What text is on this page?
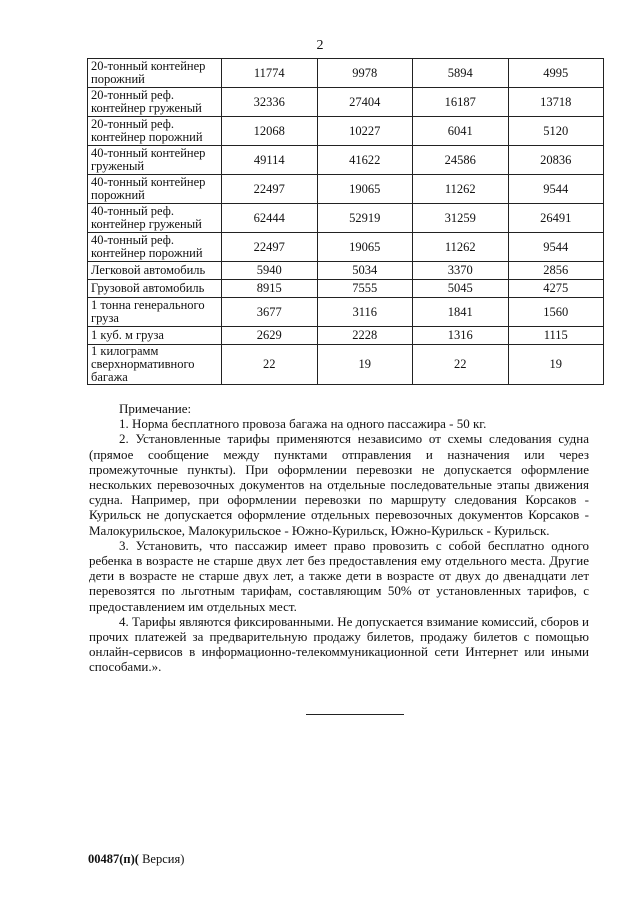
2
20-тонный контейнер порожний	11774	9978	5894	4995
20-тонный реф. контейнер груженый	32336	27404	16187	13718
20-тонный реф. контейнер порожний	12068	10227	6041	5120
40-тонный контейнер груженый	49114	41622	24586	20836
40-тонный контейнер порожний	22497	19065	11262	9544
40-тонный реф. контейнер груженый	62444	52919	31259	26491
40-тонный реф. контейнер порожний	22497	19065	11262	9544
Легковой автомобиль	5940	5034	3370	2856
Грузовой автомобиль	8915	7555	5045	4275
1 тонна генерального груза	3677	3116	1841	1560
1 куб. м груза	2629	2228	1316	1115
1 килограмм сверхнормативного багажа	22	19	22	19
Примечание:

1. Норма бесплатного провоза багажа на одного пассажира - 50 кг.

2. Установленные тарифы применяются независимо от схемы следования судна (прямое сообщение между пунктами отправления и назначения или через промежуточные пункты). При оформлении перевозки не допускается оформление нескольких перевозочных документов на отдельные последовательные этапы движения судна. Например, при оформлении перевозки по маршруту следования Корсаков - Курильск не допускается оформление отдельных перевозочных документов Корсаков - Малокурильское, Малокурильское - Южно-Курильск, Южно-Курильск - Курильск.

3. Установить, что пассажир имеет право провозить с собой бесплатно одного ребенка в возрасте не старше двух лет без предоставления ему отдельного места. Другие дети в возрасте не старше двух лет, а также дети в возрасте от двух до двенадцати лет перевозятся по льготным тарифам, составляющим 50% от установленных тарифов, с предоставлением им отдельных мест.

4. Тарифы являются фиксированными. Не допускается взимание комиссий, сборов и прочих платежей за предварительную продажу билетов, продажу билетов с помощью онлайн-сервисов в информационно-телекоммуникационной сети Интернет или иными способами.».

00487(п)( Версия)
